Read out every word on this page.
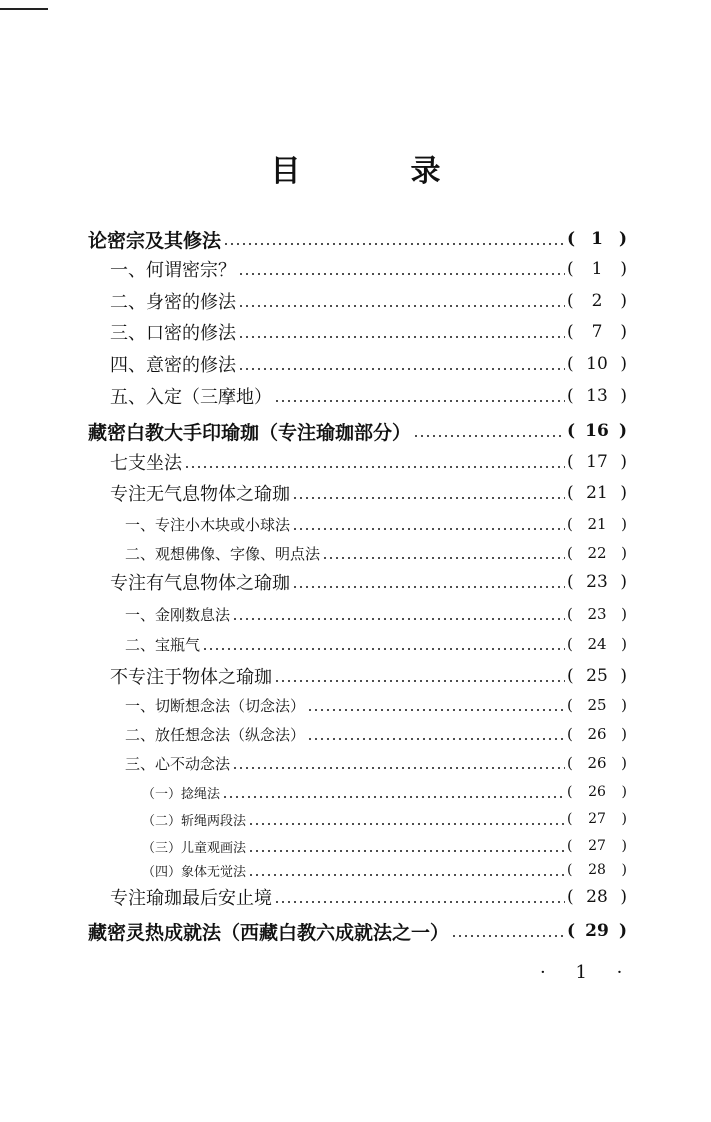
目　录
论密宗及其修法	( 1 )
一、何谓密宗？	(	1	)
二、身密的修法	(	2	)
三、口密的修法	(	7	)
四、意密的修法	( 10 )
五、入定（三摩地）	( 13 )
藏密白教大手印瑜珈（专注瑜珈部分）	( 16 )
七支坐法	( 17 )
专注无气息物体之瑜珈	( 21 )
一、专注小木块或小球法	( 21 )
二、观想佛像、字像、明点法	( 22 )
专注有气息物体之瑜珈	( 23 )
一、金刚数息法	( 23 )
二、宝瓶气	( 24 )
不专注于物体之瑜珈	( 25 )
一、切断想念法（切念法）	( 25 )
二、放任想念法（纵念法）	( 26 )
三、心不动念法	( 26 )
（一）捻绳法	(	26	)
（二）斩绳两段法	(	27	)
（三）儿童观画法	(	27	)
（四）象体无觉法	(	28	)
专注瑜珈最后安止境	( 28 )
藏密灵热成就法（西藏白教六成就法之一）	( 29 )
· 1 ·
